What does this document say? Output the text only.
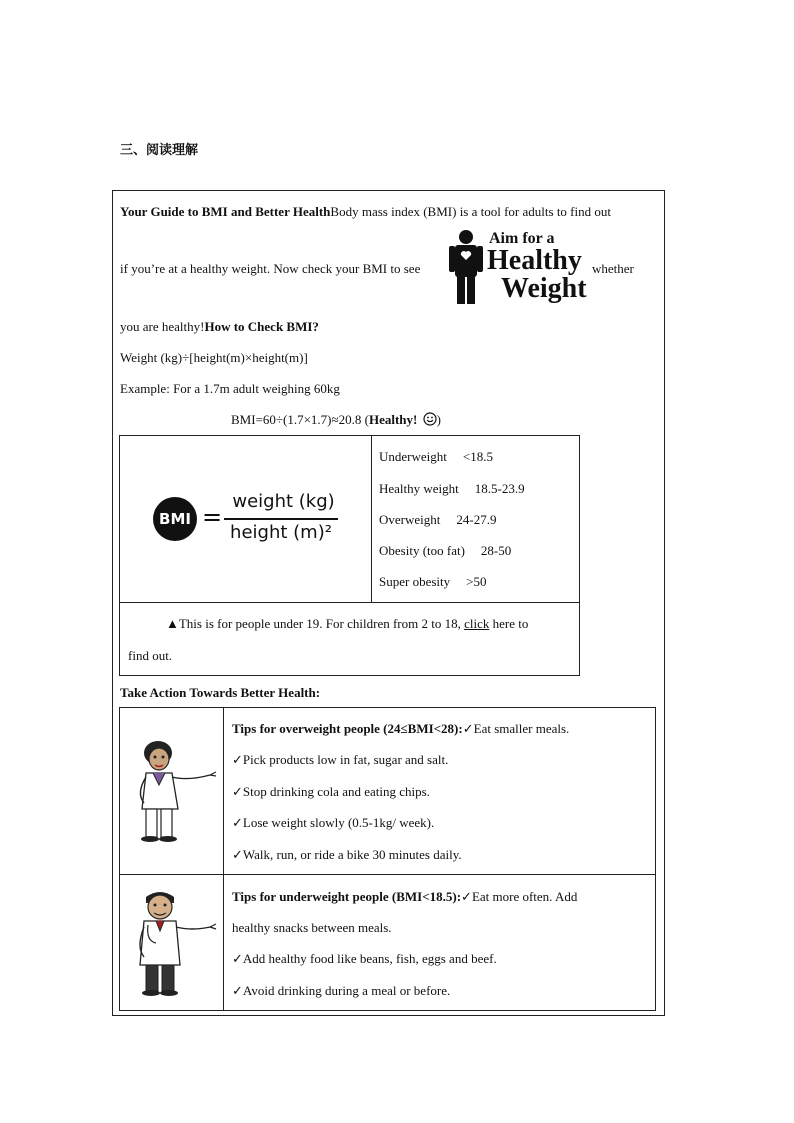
三、阅读理解
Your Guide to BMI and Better HealthBody mass index (BMI) is a tool for adults to find out
if you’re at a healthy weight. Now check your BMI to see
Aim for a
Healthy
Weight
whether
you are healthy!How to Check BMI?
Weight (kg)÷[height(m)×height(m)]
Example: For a 1.7m adult weighing 60kg
BMI=60÷(1.7×1.7)≈20.8 (Healthy! )
BMI =
weight (kg)
height (m)²
Underweight <18.5
Healthy weight 18.5-23.9
Overweight 24-27.9
Obesity (too fat) 28-50
Super obesity >50
▲This is for people under 19. For children from 2 to 18, click here to
find out.
Take Action Towards Better Health:
Tips for overweight people (24≤BMI<28):✓Eat smaller meals.
✓Pick products low in fat, sugar and salt.
✓Stop drinking cola and eating chips.
✓Lose weight slowly (0.5-1kg/ week).
✓Walk, run, or ride a bike 30 minutes daily.
Tips for underweight people (BMI<18.5):✓Eat more often. Add
healthy snacks between meals.
✓Add healthy food like beans, fish, eggs and beef.
✓Avoid drinking during a meal or before.
